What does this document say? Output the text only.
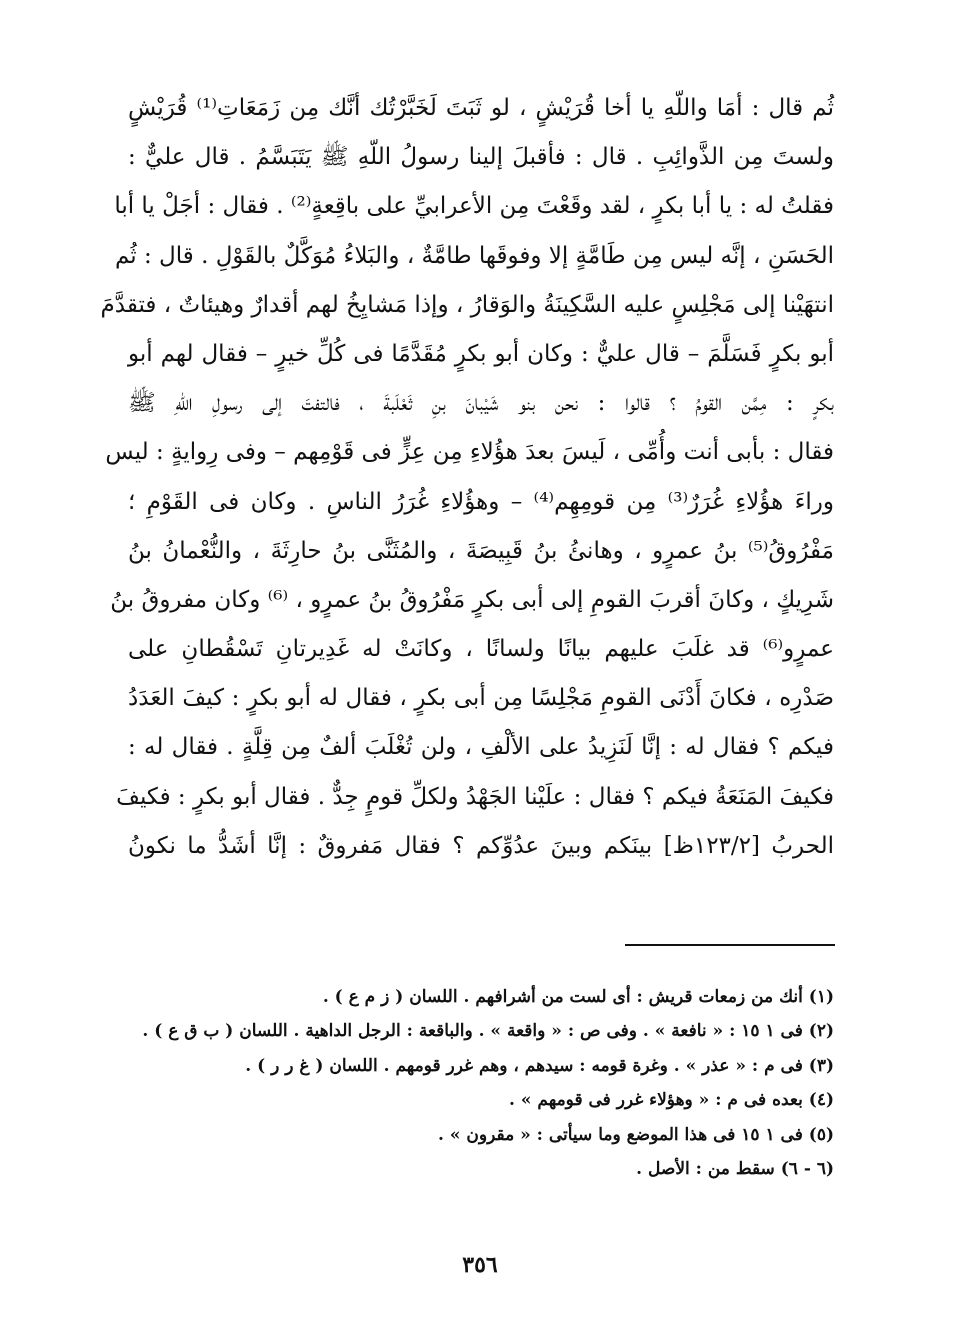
ثُم قال : أمَا واللّهِ يا أخا قُرَيْشٍ ، لو ثَبَتَ لَخَبَّرْتُك أنَّك مِن زَمَعَاتِ⁽¹⁾ قُرَيْشٍ
ولستَ مِن الذَّوائِبِ . قال : فأقبلَ إلينا رسولُ اللّهِ ﷺ يَتَبَسَّمُ . قال عليٌّ :
فقلتُ له : يا أبا بكرٍ ، لقد وقَعْتَ مِن الأعرابيِّ على باقِعةٍ⁽²⁾ . فقال : أجَلْ يا أبا
الحَسَنِ ، إنَّه ليس مِن طَامَّةٍ إلا وفوقَها طامَّةٌ ، والبَلاءُ مُوَكَّلٌ بالقَوْلِ . قال : ثُم
انتهَيْنا إلى مَجْلِسٍ عليه السَّكِينَةُ والوَقارُ ، وإذا مَشايِخُ لهم أقدارٌ وهيئاتٌ ، فتقدَّمَ
أبو بكرٍ فَسَلَّمَ – قال عليٌّ : وكان أبو بكرٍ مُقَدَّمًا فى كُلِّ خيرٍ – فقال لهم أبو
بكرٍ : مِمَّن القومُ ؟ قالوا : نحن بنو شَيْبانَ بنِ ثَعْلَبةَ ، فالتفتَ إلى رسولِ اللّهِ ﷺ
فقال : بأبى أنت وأُمِّى ، لَيسَ بعدَ هؤُلاءِ مِن عِزٍّ فى قَوْمِهم – وفى رِوايةٍ : ليس
وراءَ هؤُلاءِ غُرَرٌ⁽³⁾ مِن قومِهِم⁽⁴⁾ – وهؤُلاءِ غُرَرُ الناسِ . وكان فى القَوْمِ ؛
مَفْرُوقُ⁽⁵⁾ بنُ عمرٍو ، وهانئُ بنُ قَبِيصَةَ ، والمُثَنَّى بنُ حارِثَةَ ، والنُّعْمانُ بنُ
شَرِيكٍ ، وكانَ أقربَ القومِ إلى أبى بكرٍ مَفْرُوقُ بنُ عمرٍو ، ⁽⁶⁾ وكان مفروقُ بنُ
عمرٍو⁽⁶⁾ قد غلَبَ عليهم بيانًا ولسانًا ، وكانَتْ له غَدِيرتانِ تَسْقُطانِ على
صَدْرِه ، فكانَ أَدْنَى القومِ مَجْلِسًا مِن أبى بكرٍ ، فقال له أبو بكرٍ : كيفَ العَدَدُ
فيكم ؟ فقال له : إنَّا لَنَزِيدُ على الألْفِ ، ولن تُغْلَبَ ألفٌ مِن قِلَّةٍ . فقال له :
فكيفَ المَنَعَةُ فيكم ؟ فقال : علَيْنا الجَهْدُ ولكلِّ قومٍ جِدٌّ . فقال أبو بكرٍ : فكيفَ
الحربُ [١٢٣/٢ظ] بينَكم وبينَ عدُوِّكم ؟ فقال مَفروقٌ : إنَّا أشَدُّ ما نكونُ
(١) أنك من زمعات قريش : أى لست من أشرافهم . اللسان ( ز م ع ) .
(٢) فى ١ ١٥ : « نافعة » . وفى ص : « واقعة » . والباقعة : الرجل الداهية . اللسان ( ب ق ع ) .
(٣) فى م : « عذر » . وغرة قومه : سيدهم ، وهم غرر قومهم . اللسان ( غ ر ر ) .
(٤) بعده فى م : « وهؤلاء غرر فى قومهم » .
(٥) فى ١ ١٥ فى هذا الموضع وما سيأتى : « مقرون » .
(٦ - ٦) سقط من : الأصل .
٣٥٦
